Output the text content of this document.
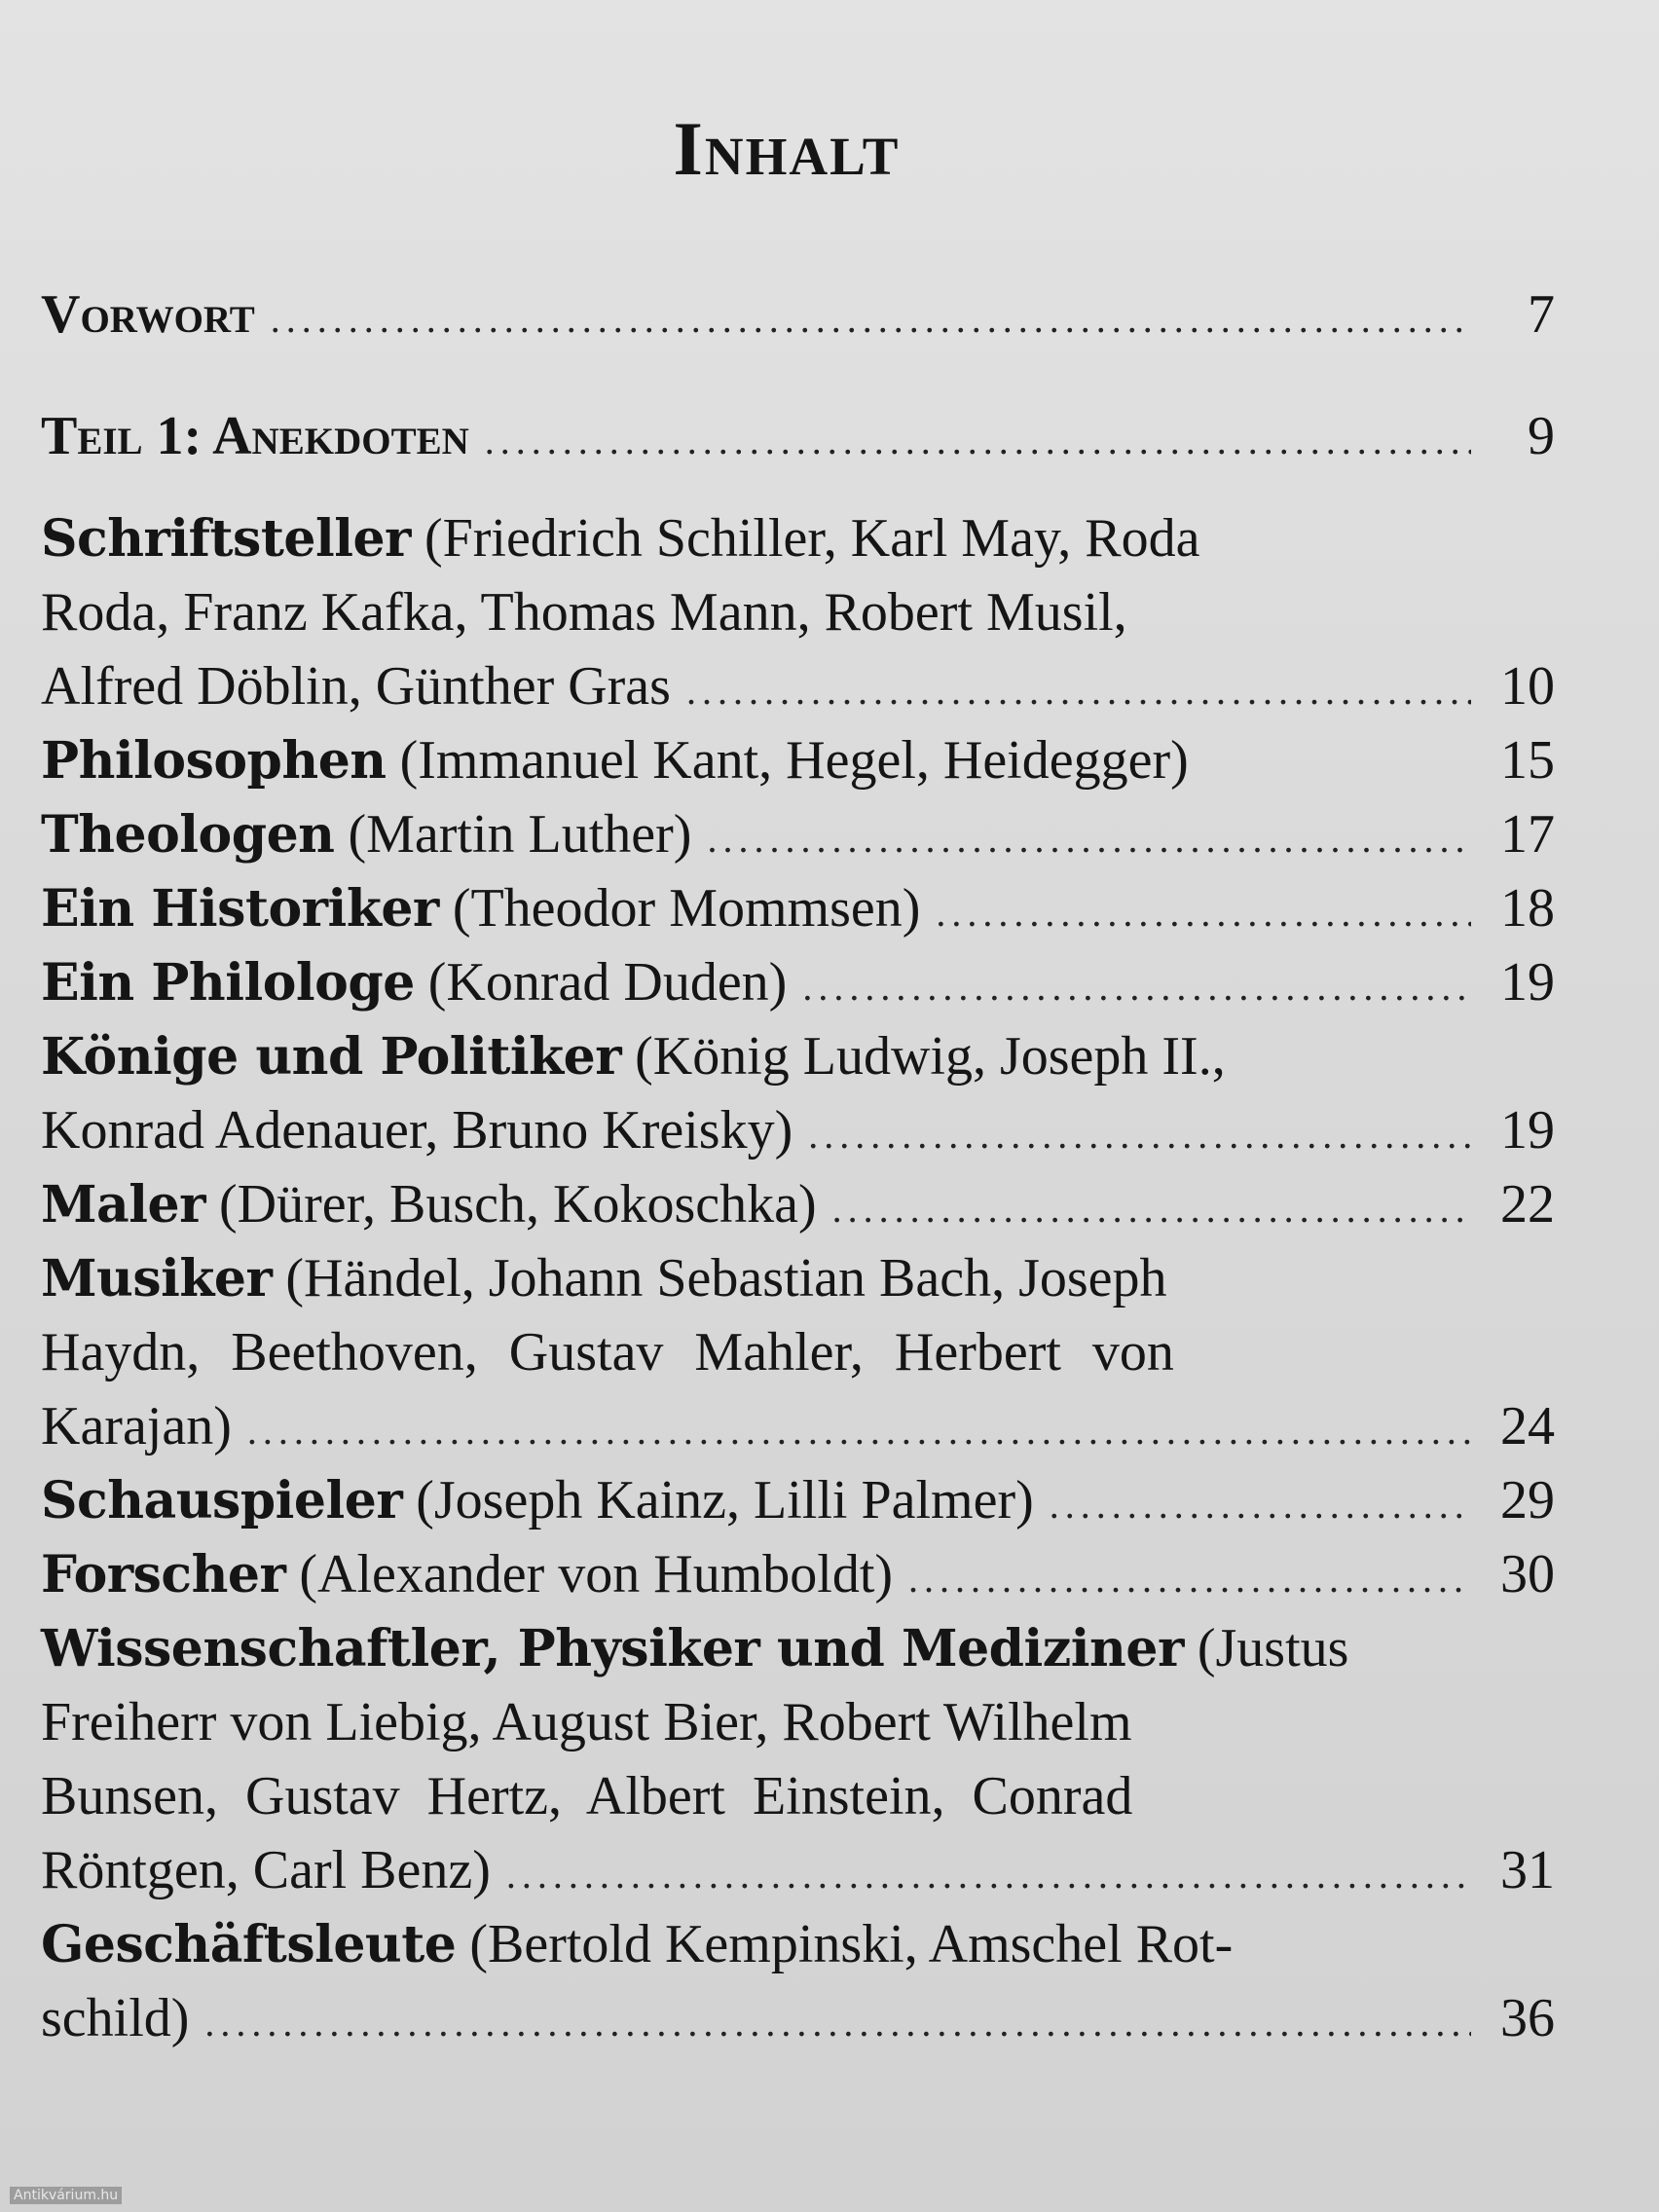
Inhalt
Vorwort .....	7
Teil 1: Anekdoten .....	9
Schriftsteller (Friedrich Schiller, Karl May, Roda
Roda, Franz Kafka, Thomas Mann, Robert Musil,
Alfred Döblin, Günther Gras .....	10
Philosophen (Immanuel Kant, Hegel, Heidegger)	15
Theologen (Martin Luther) .....	17
Ein Historiker (Theodor Mommsen) .....	18
Ein Philologe (Konrad Duden) .....	19
Könige und Politiker (König Ludwig, Joseph II.,
Konrad Adenauer, Bruno Kreisky) .....	19
Maler (Dürer, Busch, Kokoschka) .....	22
Musiker (Händel, Johann Sebastian Bach, Joseph
Haydn, Beethoven, Gustav Mahler, Herbert von
Karajan) .....	24
Schauspieler (Joseph Kainz, Lilli Palmer) .....	29
Forscher (Alexander von Humboldt) .....	30
Wissenschaftler, Physiker und Mediziner (Justus
Freiherr von Liebig, August Bier, Robert Wilhelm
Bunsen, Gustav Hertz, Albert Einstein, Conrad
Röntgen, Carl Benz) .....	31
Geschäftsleute (Bertold Kempinski, Amschel Rot-
schild) .....	36
Antikvárium.hu
